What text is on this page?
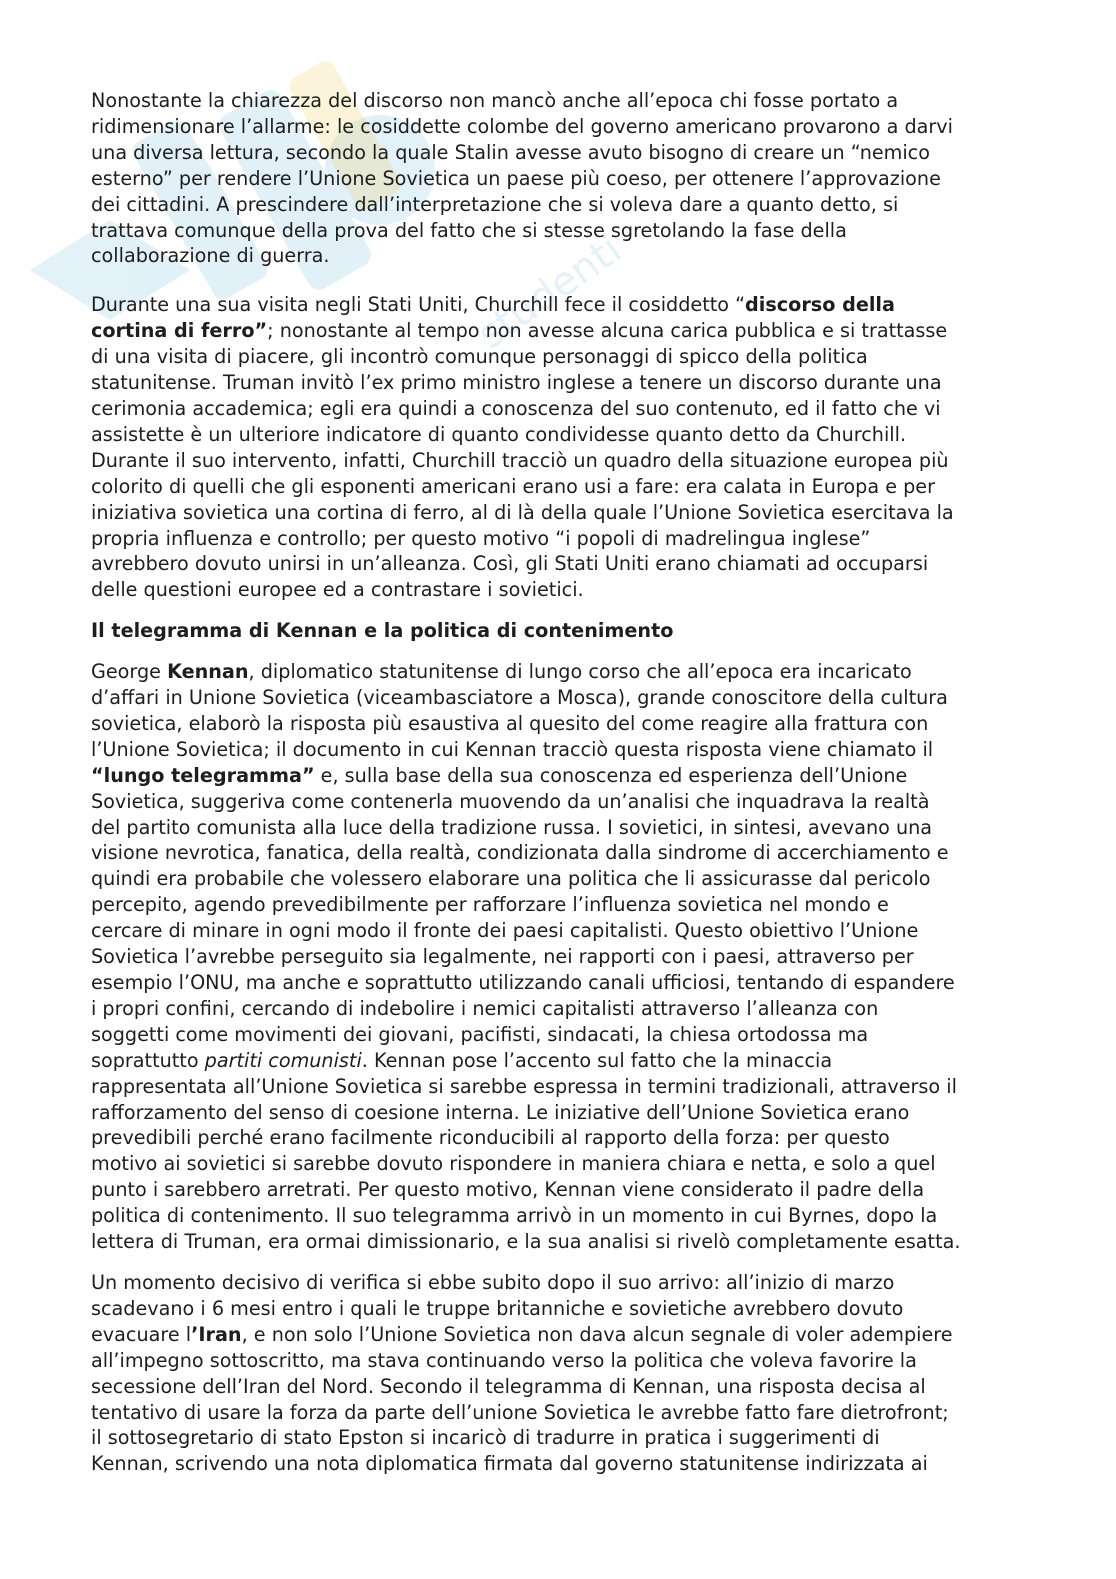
studenti

Nonostante la chiarezza del discorso non mancò anche all’epoca chi fosse portato a
ridimensionare l’allarme: le cosiddette colombe del governo americano provarono a darvi
una diversa lettura, secondo la quale Stalin avesse avuto bisogno di creare un “nemico
esterno” per rendere l’Unione Sovietica un paese più coeso, per ottenere l’approvazione
dei cittadini. A prescindere dall’interpretazione che si voleva dare a quanto detto, si
trattava comunque della prova del fatto che si stesse sgretolando la fase della
collaborazione di guerra.

Durante una sua visita negli Stati Uniti, Churchill fece il cosiddetto “discorso della
cortina di ferro”; nonostante al tempo non avesse alcuna carica pubblica e si trattasse
di una visita di piacere, gli incontrò comunque personaggi di spicco della politica
statunitense. Truman invitò l’ex primo ministro inglese a tenere un discorso durante una
cerimonia accademica; egli era quindi a conoscenza del suo contenuto, ed il fatto che vi
assistette è un ulteriore indicatore di quanto condividesse quanto detto da Churchill.
Durante il suo intervento, infatti, Churchill tracciò un quadro della situazione europea più
colorito di quelli che gli esponenti americani erano usi a fare: era calata in Europa e per
iniziativa sovietica una cortina di ferro, al di là della quale l’Unione Sovietica esercitava la
propria influenza e controllo; per questo motivo “i popoli di madrelingua inglese”
avrebbero dovuto unirsi in un’alleanza. Così, gli Stati Uniti erano chiamati ad occuparsi
delle questioni europee ed a contrastare i sovietici.

Il telegramma di Kennan e la politica di contenimento

George Kennan, diplomatico statunitense di lungo corso che all’epoca era incaricato
d’affari in Unione Sovietica (viceambasciatore a Mosca), grande conoscitore della cultura
sovietica, elaborò la risposta più esaustiva al quesito del come reagire alla frattura con
l’Unione Sovietica; il documento in cui Kennan tracciò questa risposta viene chiamato il
“lungo telegramma” e, sulla base della sua conoscenza ed esperienza dell’Unione
Sovietica, suggeriva come contenerla muovendo da un’analisi che inquadrava la realtà
del partito comunista alla luce della tradizione russa. I sovietici, in sintesi, avevano una
visione nevrotica, fanatica, della realtà, condizionata dalla sindrome di accerchiamento e
quindi era probabile che volessero elaborare una politica che li assicurasse dal pericolo
percepito, agendo prevedibilmente per rafforzare l’influenza sovietica nel mondo e
cercare di minare in ogni modo il fronte dei paesi capitalisti. Questo obiettivo l’Unione
Sovietica l’avrebbe perseguito sia legalmente, nei rapporti con i paesi, attraverso per
esempio l’ONU, ma anche e soprattutto utilizzando canali ufficiosi, tentando di espandere
i propri confini, cercando di indebolire i nemici capitalisti attraverso l’alleanza con
soggetti come movimenti dei giovani, pacifisti, sindacati, la chiesa ortodossa ma
soprattutto partiti comunisti. Kennan pose l’accento sul fatto che la minaccia
rappresentata all’Unione Sovietica si sarebbe espressa in termini tradizionali, attraverso il
rafforzamento del senso di coesione interna. Le iniziative dell’Unione Sovietica erano
prevedibili perché erano facilmente riconducibili al rapporto della forza: per questo
motivo ai sovietici si sarebbe dovuto rispondere in maniera chiara e netta, e solo a quel
punto i sarebbero arretrati. Per questo motivo, Kennan viene considerato il padre della
politica di contenimento. Il suo telegramma arrivò in un momento in cui Byrnes, dopo la
lettera di Truman, era ormai dimissionario, e la sua analisi si rivelò completamente esatta.

Un momento decisivo di verifica si ebbe subito dopo il suo arrivo: all’inizio di marzo
scadevano i 6 mesi entro i quali le truppe britanniche e sovietiche avrebbero dovuto
evacuare l’Iran, e non solo l’Unione Sovietica non dava alcun segnale di voler adempiere
all’impegno sottoscritto, ma stava continuando verso la politica che voleva favorire la
secessione dell’Iran del Nord. Secondo il telegramma di Kennan, una risposta decisa al
tentativo di usare la forza da parte dell’unione Sovietica le avrebbe fatto fare dietrofront;
il sottosegretario di stato Epston si incaricò di tradurre in pratica i suggerimenti di
Kennan, scrivendo una nota diplomatica firmata dal governo statunitense indirizzata ai
